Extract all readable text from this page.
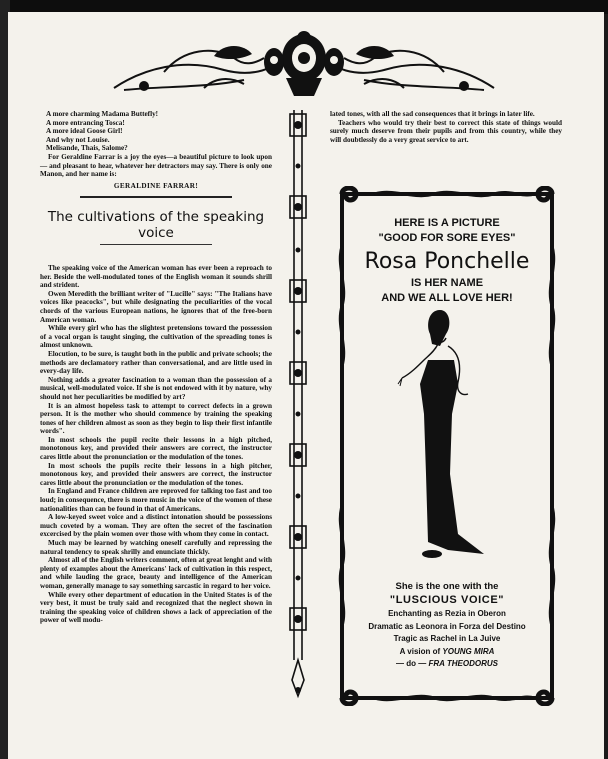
A more charming Madama Buttefly!

A more entrancing Tosca!

A more ideal Goose Girl!

And why not Louise.

Melisande, Thais, Salome?

For Geraldine Farrar is a joy the eyes—a beautiful picture to look upon— and pleasant to hear, whatever her detractors may say. There is only one Manon, and her name is:

GERALDINE FARRAR!
The cultivations of the speaking voice

The speaking voice of the American woman has ever been a reproach to her. Beside the well-modulated tones of the English woman it sounds shrill and strident.

Owen Meredith the brilliant writer of "Lucille" says: "The Italians have voices like peacocks", but while designating the peculiarities of the vocal chords of the various European nations, he ignores that of the free-born American woman.

While every girl who has the slightest pretensions toward the possession of a vocal organ is taught singing, the cultivation of the spreading tones is almost unknown.

Elocution, to be sure, is taught both in the public and private schools; the methods are declamatory rather than conversational, and are little used in every-day life.

Nothing adds a greater fascination to a woman than the possession of a musical, well-modulated voice. If she is not endowed with it by nature, why should not her peculiarities be modified by art?

It is an almost hopeless task to attempt to correct defects in a grown person. It is the mother who should commence by training the speaking tones of her children almost as soon as they begin to lisp their first infantile words".

In most schools the pupil recite their lessons in a high pitched, monotonous key, and provided their answers are correct, the instructor cares little about the pronunciation or the modulation of the tones.

In most schools the pupils recite their lessons in a high pitcher, monotonous key, and provided their answers are correct, the instructor cares little about the pronunciation or the modulation of the tones.

In England and France children are reproved for talking too fast and too loud; in consequence, there is more music in the voice of the women of these nationalities than can be found in that of Americans.

A low-keyed sweet voice and a distinct intonation should be possessions much coveted by a woman. They are often the secret of the fascination excercised by the plain women over those with whom they come in contact.

Much may be learned by watching oneself carefully and repressing the natural tendency to speak shrilly and enunciate thickly.

Almost all of the English writers comment, often at great lenght and with plenty of examples about the Americans' lack of cultivation in this respect, and while lauding the grace, beauty and intelligence of the American woman, generally manage to say something sarcastic in regard to her voice.

While every other department of education in the United States is of the very best, it must be truly said and recognized that the neglect shown in training the speaking voice of children shows a lack of appreciation of the power of well modu-

lated tones, with all the sad consequences that it brings in later life.

Teachers who would try their best to correct this state of things would surely much deserve from their pupils and from this country, while they will doubtlessly do a very great service to art.

HERE IS A PICTURE
"GOOD FOR SORE EYES"
Rosa Ponchelle
IS HER NAME
AND WE ALL LOVE HER!
She is the one with the
"LUSCIOUS VOICE"
Enchanting as Rezia in Oberon
Dramatic as Leonora in Forza del Destino
Tragic as Rachel in La Juive
A vision of YOUNG MIRA
— do — FRA THEODORUS
